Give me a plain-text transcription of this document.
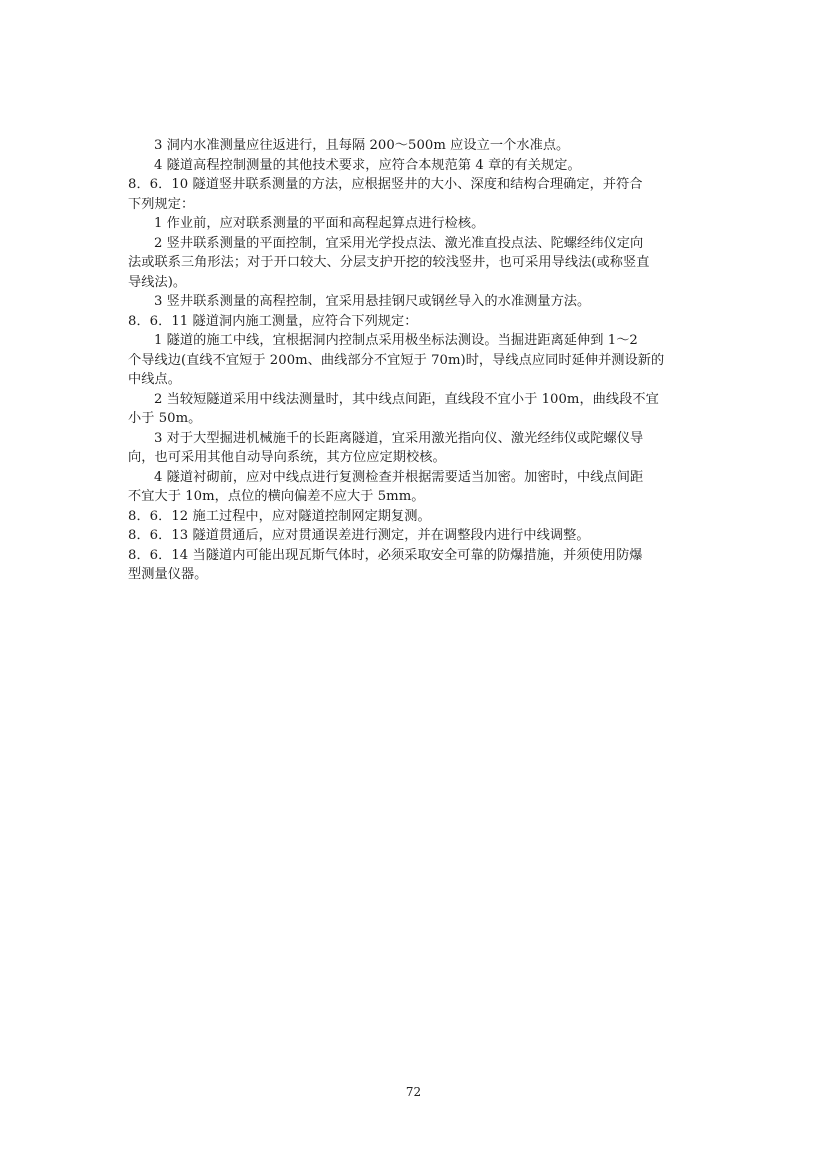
3 洞内水准测量应往返进行，且每隔 200～500m 应设立一个水准点。
4 隧道高程控制测量的其他技术要求，应符合本规范第 4 章的有关规定。
8．6．10 隧道竖井联系测量的方法，应根据竖井的大小、深度和结构合理确定，并符合
下列规定：
1 作业前，应对联系测量的平面和高程起算点进行检核。
2 竖井联系测量的平面控制，宜采用光学投点法、激光准直投点法、陀螺经纬仪定向
法或联系三角形法；对于开口较大、分层支护开挖的较浅竖井，也可采用导线法(或称竖直
导线法)。
3 竖井联系测量的高程控制，宜采用悬挂钢尺或钢丝导入的水准测量方法。
8．6．11 隧道洞内施工测量，应符合下列规定：
1 隧道的施工中线，宜根据洞内控制点采用极坐标法测设。当掘进距离延伸到 1～2
个导线边(直线不宜短于 200m、曲线部分不宜短于 70m)时，导线点应同时延伸并测设新的
中线点。
2 当较短隧道采用中线法测量时，其中线点间距，直线段不宜小于 100m，曲线段不宜
小于 50m。
3 对于大型掘进机械施千的长距离隧道，宜采用激光指向仪、激光经纬仪或陀螺仪导
向，也可采用其他自动导向系统，其方位应定期校核。
4 隧道衬砌前，应对中线点进行复测检查并根据需要适当加密。加密时，中线点间距
不宜大于 10m，点位的横向偏差不应大于 5mm。
8．6．12 施工过程中，应对隧道控制网定期复测。
8．6．13 隧道贯通后，应对贯通误差进行测定，并在调整段内进行中线调整。
8．6．14 当隧道内可能出现瓦斯气体时，必须采取安全可靠的防爆措施，并须使用防爆
型测量仪器。
72
